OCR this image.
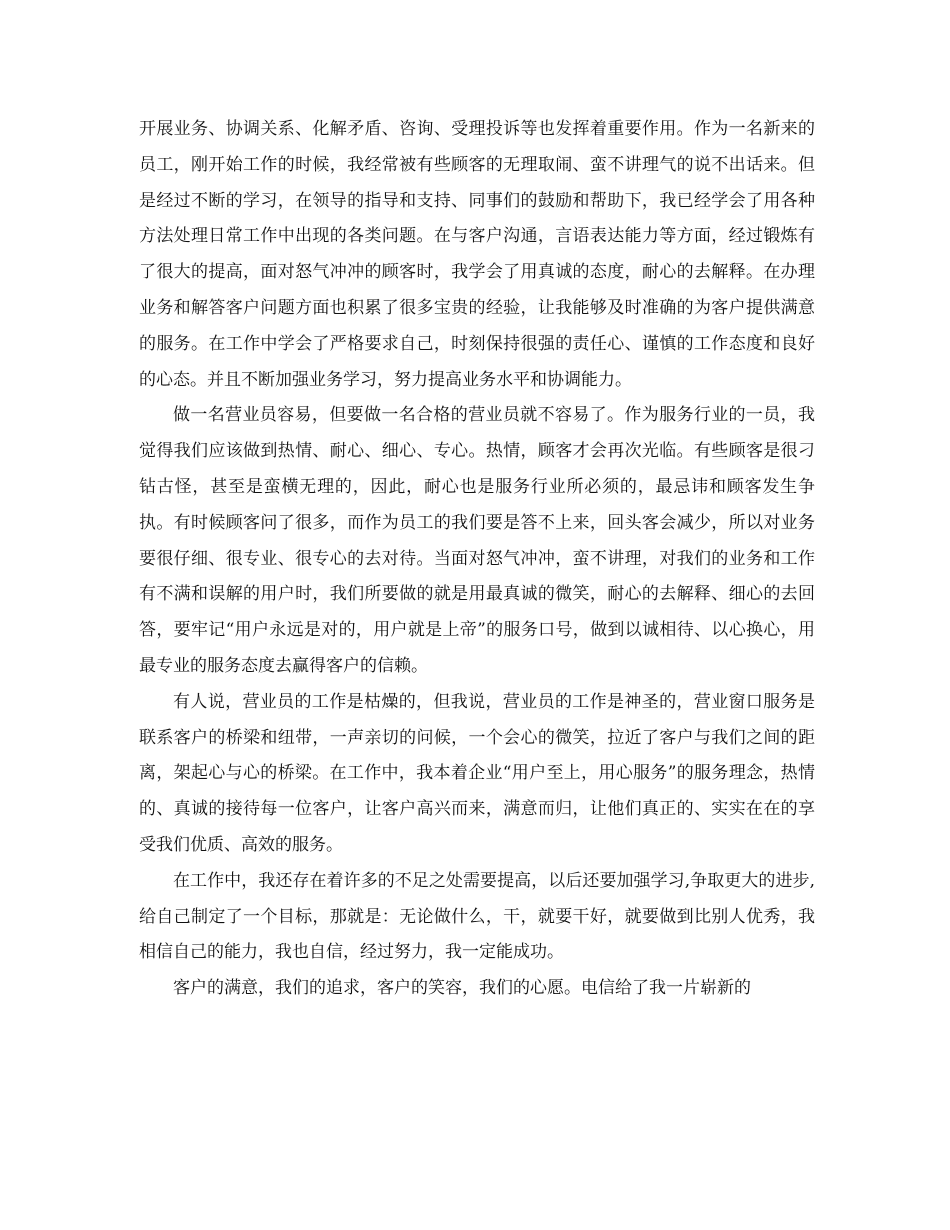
开展业务、协调关系、化解矛盾、咨询、受理投诉等也发挥着重要作用。作为一名新来的员工，刚开始工作的时候，我经常被有些顾客的无理取闹、蛮不讲理气的说不出话来。但是经过不断的学习，在领导的指导和支持、同事们的鼓励和帮助下，我已经学会了用各种方法处理日常工作中出现的各类问题。在与客户沟通，言语表达能力等方面，经过锻炼有了很大的提高，面对怒气冲冲的顾客时，我学会了用真诚的态度，耐心的去解释。在办理业务和解答客户问题方面也积累了很多宝贵的经验，让我能够及时准确的为客户提供满意的服务。在工作中学会了严格要求自己，时刻保持很强的责任心、谨慎的工作态度和良好的心态。并且不断加强业务学习，努力提高业务水平和协调能力。

做一名营业员容易，但要做一名合格的营业员就不容易了。作为服务行业的一员，我觉得我们应该做到热情、耐心、细心、专心。热情，顾客才会再次光临。有些顾客是很刁钻古怪，甚至是蛮横无理的，因此，耐心也是服务行业所必须的，最忌讳和顾客发生争执。有时候顾客问了很多，而作为员工的我们要是答不上来，回头客会减少，所以对业务要很仔细、很专业、很专心的去对待。当面对怒气冲冲，蛮不讲理，对我们的业务和工作有不满和误解的用户时，我们所要做的就是用最真诚的微笑，耐心的去解释、细心的去回答，要牢记“用户永远是对的，用户就是上帝”的服务口号，做到以诚相待、以心换心，用最专业的服务态度去赢得客户的信赖。

有人说，营业员的工作是枯燥的，但我说，营业员的工作是神圣的，营业窗口服务是联系客户的桥梁和纽带，一声亲切的问候，一个会心的微笑，拉近了客户与我们之间的距离，架起心与心的桥梁。在工作中，我本着企业“用户至上，用心服务”的服务理念，热情的、真诚的接待每一位客户，让客户高兴而来，满意而归，让他们真正的、实实在在的享受我们优质、高效的服务。

在工作中，我还存在着许多的不足之处需要提高，以后还要加强学习,争取更大的进步,给自己制定了一个目标，那就是：无论做什么，干，就要干好，就要做到比别人优秀，我相信自己的能力，我也自信，经过努力，我一定能成功。

客户的满意，我们的追求，客户的笑容，我们的心愿。电信给了我一片崭新的
